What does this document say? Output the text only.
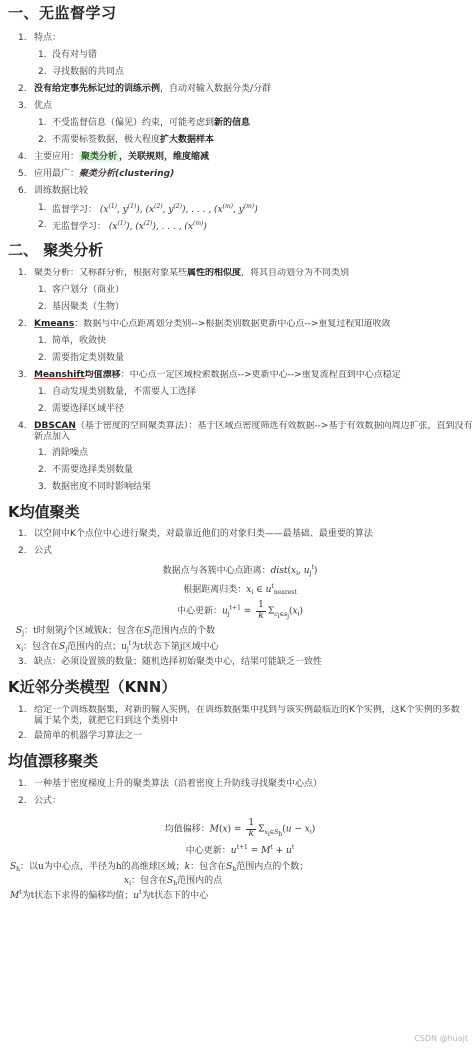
一、无监督学习
1. 特点：
1. 没有对与错
2. 寻找数据的共同点
2. 没有给定事先标记过的训练示例，自动对输入数据分类/分群
3. 优点
1. 不受监督信息（偏见）约束，可能考虑到新的信息
2. 不需要标签数据，极大程度扩大数据样本
4. 主要应用： 聚类分析 ，关联规则，维度缩减
5. 应用最广：聚类分析(clustering)
6. 训练数据比较
1. 监督学习： ($x^{(1)}$, $y^{(1)}$), ($x^{(2)}$, $y^{(2)}$), . . . , ($x^{(m)}$, $y^{(m)}$)
2. 无监督学习： $(x^{(1)})$, $(x^{(2)})$, . . . , $(x^{(m)})$
二、 聚类分析
1. 聚类分析：又称群分析，根据对象某些属性的相似度，将其自动划分为不同类别
1. 客户划分（商业）
2. 基因聚类（生物）
2. Kmeans：数据与中心点距离划分类别-->根据类别数据更新中心点-->重复过程知道收敛
1. 简单，收敛快
2. 需要指定类别数量
3. Meanshift均值漂移：中心点一定区域检索数据点-->更新中心-->重复流程直到中心点稳定
1. 自动发现类别数量，不需要人工选择
2. 需要选择区域半径
4. DBSCAN（基于密度的空间聚类算法）：基于区域点密度筛选有效数据-->基于有效数据向周边扩张，直到没有
新点加入
1. 消除噪点
2. 不需要选择类别数量
3. 数据密度不同时影响结果
K均值聚类
1. 以空间中K个点位中心进行聚类，对最靠近他们的对象归类——最基础、最重要的算法
2. 公式
数据点与各簇中心点距离：$dist(x_i$, $u_j^t$)
根据距离归类：$x_i$ ∈ $u^t_{nearest}$
中心更新：$u_j^{t+1} = \frac{1}{k} \Sigma_{c_i\in s_j}(x_i)$
$S_j$：t时刻第j个区域簇k；包含在$S_j$范围内点的个数
$x_i$：包含在$S_j$范围内的点；$u_j^t$为t状态下第j区域中心
3. 缺点：必须设置簇的数量；随机选择初始聚类中心，结果可能缺乏一致性
K近邻分类模型（KNN）
1. 给定一个训练数据集，对新的输入实例，在训练数据集中找到与该实例最临近的K个实例，这K个实例的多数
属于某个类，就把它归到这个类别中
2. 最简单的机器学习算法之一
均值漂移聚类
1. 一种基于密度梯度上升的聚类算法（沿着密度上升防线寻找聚类中心点）
2. 公式：
均值偏移：$M(x) = \frac{1}{k} \Sigma_{x_i\in S_h}(u - x_i)$
中心更新：$u^{t+1} = M^t + u^t$
$S_h$：以u为中心点，半径为h的高维球区域；k：包含在$S_h$范围内点的个数；
$x_i$：包含在$S_h$范围内的点
$M^t$为t状态下求得的偏移均值；$u^t$为t状态下的中心
CSDN @huajt
